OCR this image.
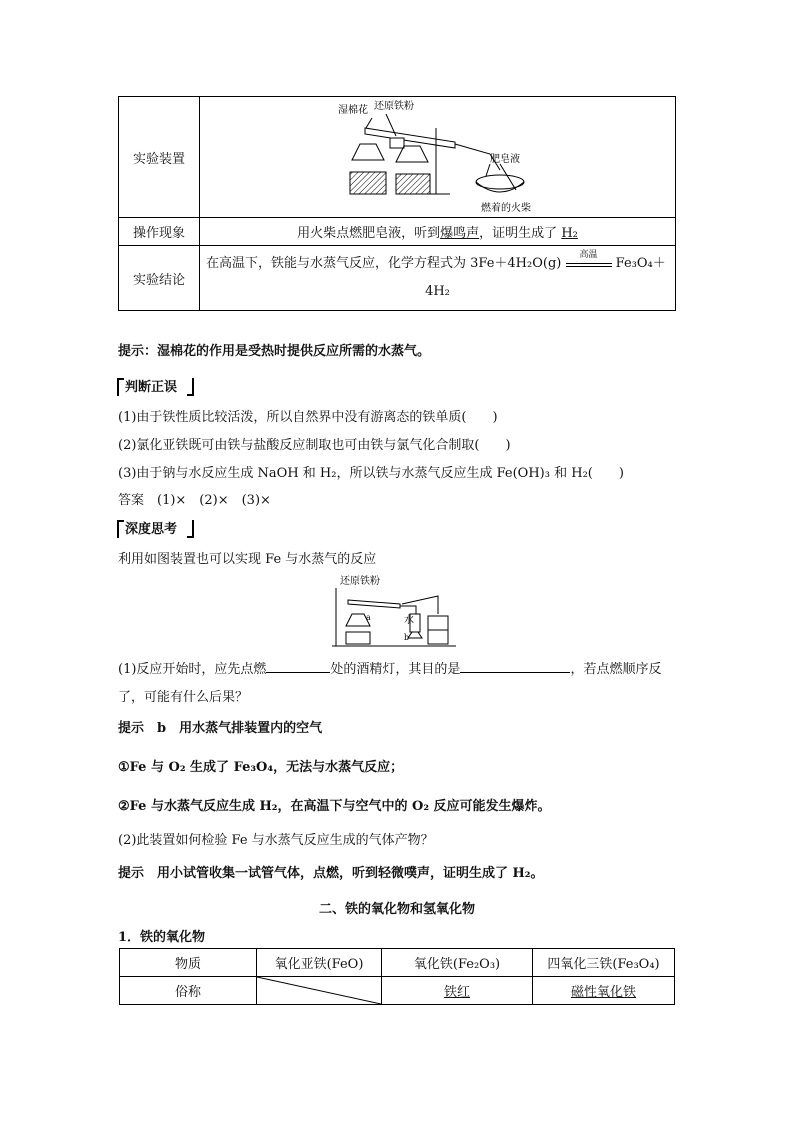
实验装置	湿棉花 还原铁粉
肥皂液
燃着的火柴

操作现象	用火柴点燃肥皂液，听到爆鸣声，证明生成了 H₂
实验结论	在高温下，铁能与水蒸气反应，化学方程式为 3Fe＋4H₂O(g)
高温
Fe₃O₄＋
4H₂
提示：湿棉花的作用是受热时提供反应所需的水蒸气。
判断正误
(1)由于铁性质比较活泼，所以自然界中没有游离态的铁单质(　　)
(2)氯化亚铁既可由铁与盐酸反应制取也可由铁与氯气化合制取(　　)
(3)由于钠与水反应生成 NaOH 和 H₂，所以铁与水蒸气反应生成 Fe(OH)₃ 和 H₂(　　)
答案　(1)×　(2)×　(3)×
深度思考
利用如图装置也可以实现 Fe 与水蒸气的反应
还原铁粉
水
a
b
(1)反应开始时，应先点燃	处的酒精灯，其目的是	，若点燃顺序反
了，可能有什么后果？
提示　b　用水蒸气排装置内的空气
①Fe 与 O₂ 生成了 Fe₃O₄，无法与水蒸气反应；
②Fe 与水蒸气反应生成 H₂，在高温下与空气中的 O₂ 反应可能发生爆炸。
(2)此装置如何检验 Fe 与水蒸气反应生成的气体产物？
提示　用小试管收集一试管气体，点燃，听到轻微噗声，证明生成了 H₂。
二、铁的氧化物和氢氧化物
1．铁的氧化物
物质	氧化亚铁(FeO)	氧化铁(Fe₂O₃)	四氧化三铁(Fe₃O₄)
俗称		铁红	磁性氧化铁
